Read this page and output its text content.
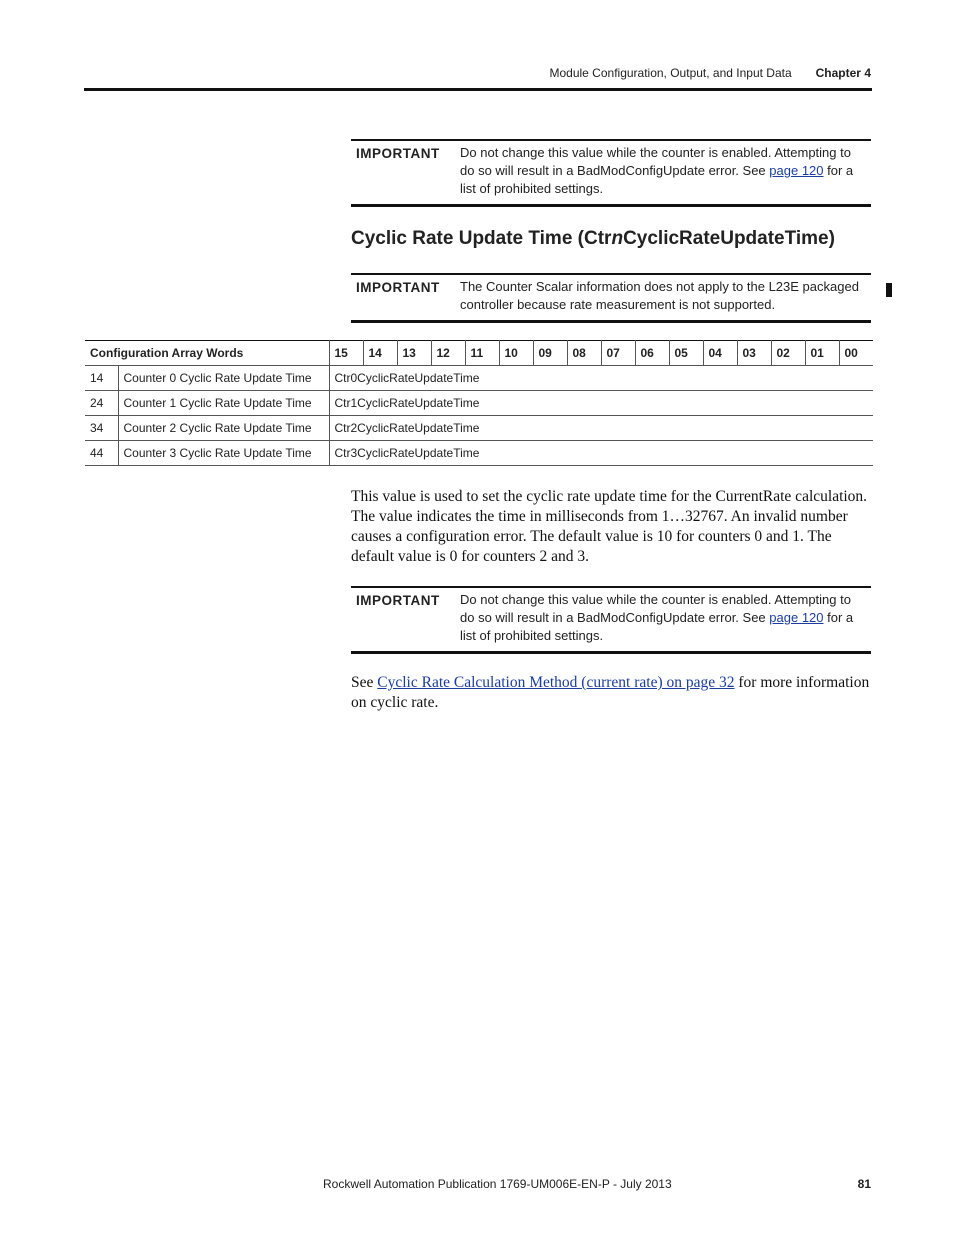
Module Configuration, Output, and Input Data Chapter 4
IMPORTANT	Do not change this value while the counter is enabled. Attempting to do so will result in a BadModConfigUpdate error. See page 120 for a list of prohibited settings.
Cyclic Rate Update Time (CtrnCyclicRateUpdateTime)
IMPORTANT	The Counter Scalar information does not apply to the L23E packaged controller because rate measurement is not supported.
Configuration Array Words		15	14	13	12	11	10	09	08	07	06	05	04	03	02	01	00
14	Counter 0 Cyclic Rate Update Time	Ctr0CyclicRateUpdateTime															
24	Counter 1 Cyclic Rate Update Time	Ctr1CyclicRateUpdateTime															
34	Counter 2 Cyclic Rate Update Time	Ctr2CyclicRateUpdateTime															
44	Counter 3 Cyclic Rate Update Time	Ctr3CyclicRateUpdateTime															

This value is used to set the cyclic rate update time for the CurrentRate calculation. The value indicates the time in milliseconds from 1…32767. An invalid number causes a configuration error. The default value is 10 for counters 0 and 1. The default value is 0 for counters 2 and 3.

IMPORTANT	Do not change this value while the counter is enabled. Attempting to do so will result in a BadModConfigUpdate error. See page 120 for a list of prohibited settings.

See Cyclic Rate Calculation Method (current rate) on page 32 for more information on cyclic rate.

Rockwell Automation Publication 1769-UM006E-EN-P - July 2013	81
